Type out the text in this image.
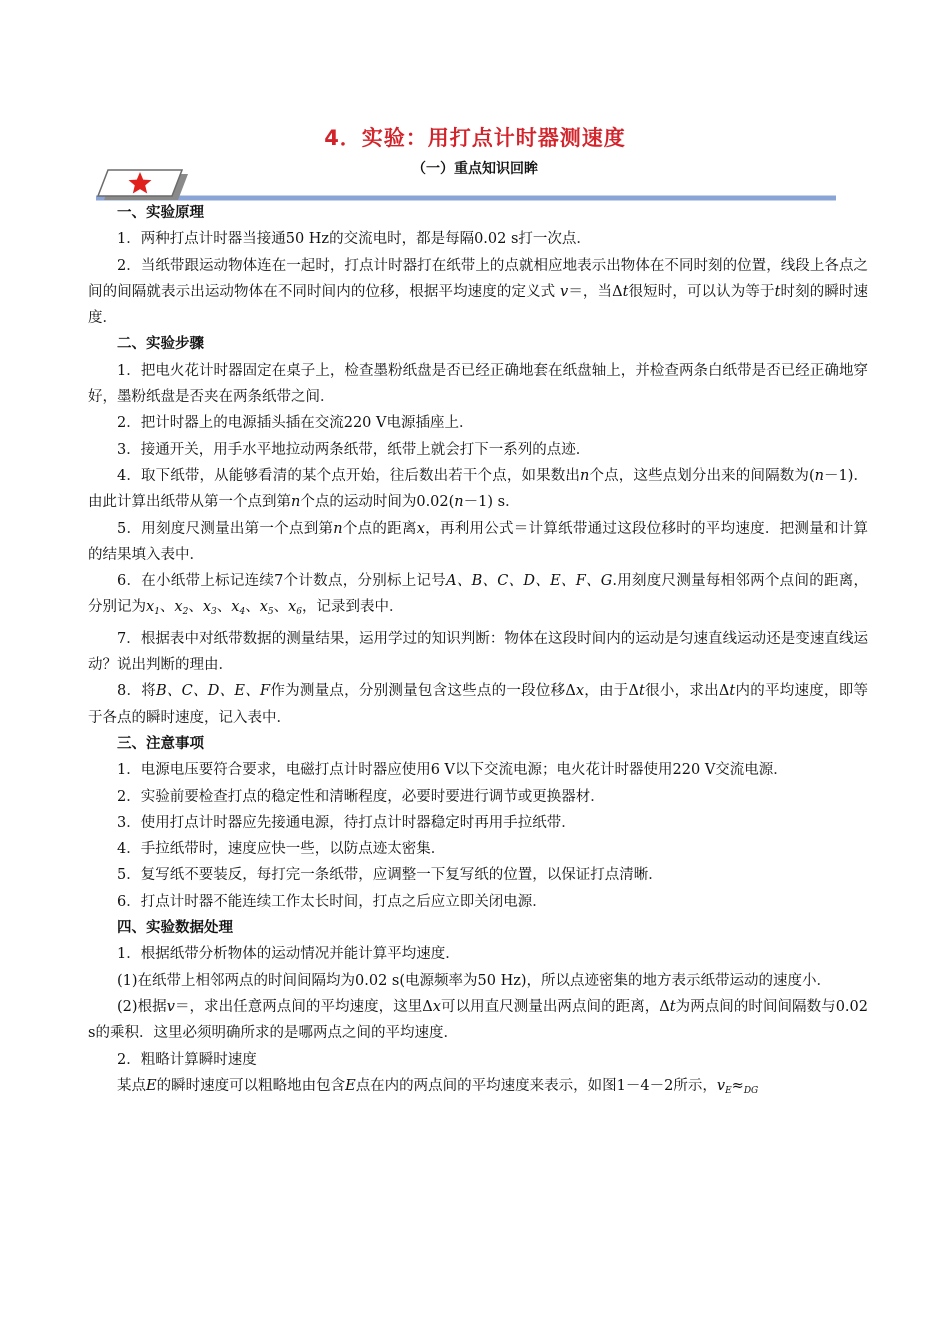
4．实验：用打点计时器测速度
（一）重点知识回眸

一、实验原理

1．两种打点计时器当接通50 Hz的交流电时，都是每隔0.02 s打一次点．

2．当纸带跟运动物体连在一起时，打点计时器打在纸带上的点就相应地表示出物体在不同时刻的位置，线段上各点之间的间隔就表示出运动物体在不同时间内的位移，根据平均速度的定义式 v＝，当Δt很短时，可以认为等于t时刻的瞬时速度．

二、实验步骤

1．把电火花计时器固定在桌子上，检查墨粉纸盘是否已经正确地套在纸盘轴上，并检查两条白纸带是否已经正确地穿好，墨粉纸盘是否夹在两条纸带之间．

2．把计时器上的电源插头插在交流220 V电源插座上．

3．接通开关，用手水平地拉动两条纸带，纸带上就会打下一系列的点迹．

4．取下纸带，从能够看清的某个点开始，往后数出若干个点，如果数出n个点，这些点划分出来的间隔数为(n－1)．由此计算出纸带从第一个点到第n个点的运动时间为0.02(n－1) s．

5．用刻度尺测量出第一个点到第n个点的距离x，再利用公式＝计算纸带通过这段位移时的平均速度．把测量和计算的结果填入表中．

6．在小纸带上标记连续7个计数点，分别标上记号A、B、C、D、E、F、G.用刻度尺测量每相邻两个点间的距离，分别记为$x_1$、$x_2$、$x_3$、$x_4$、$x_5$、$x_6$，记录到表中．

7．根据表中对纸带数据的测量结果，运用学过的知识判断：物体在这段时间内的运动是匀速直线运动还是变速直线运动？说出判断的理由．

8．将B、C、D、E、F作为测量点，分别测量包含这些点的一段位移Δx，由于Δt很小，求出Δt内的平均速度，即等于各点的瞬时速度，记入表中．

三、注意事项

1．电源电压要符合要求，电磁打点计时器应使用6 V以下交流电源；电火花计时器使用220 V交流电源．

2．实验前要检查打点的稳定性和清晰程度，必要时要进行调节或更换器材．

3．使用打点计时器应先接通电源，待打点计时器稳定时再用手拉纸带．

4．手拉纸带时，速度应快一些，以防点迹太密集．

5．复写纸不要装反，每打完一条纸带，应调整一下复写纸的位置，以保证打点清晰．

6．打点计时器不能连续工作太长时间，打点之后应立即关闭电源．

四、实验数据处理

1．根据纸带分析物体的运动情况并能计算平均速度．

(1)在纸带上相邻两点的时间间隔均为0.02 s(电源频率为50 Hz)，所以点迹密集的地方表示纸带运动的速度小．

(2)根据v＝，求出任意两点间的平均速度，这里Δx可以用直尺测量出两点间的距离，Δt为两点间的时间间隔数与0.02 s的乘积．这里必须明确所求的是哪两点之间的平均速度．

2．粗略计算瞬时速度

某点E的瞬时速度可以粗略地由包含E点在内的两点间的平均速度来表示，如图1－4－2所示，$v_E\approx_{DG}$
